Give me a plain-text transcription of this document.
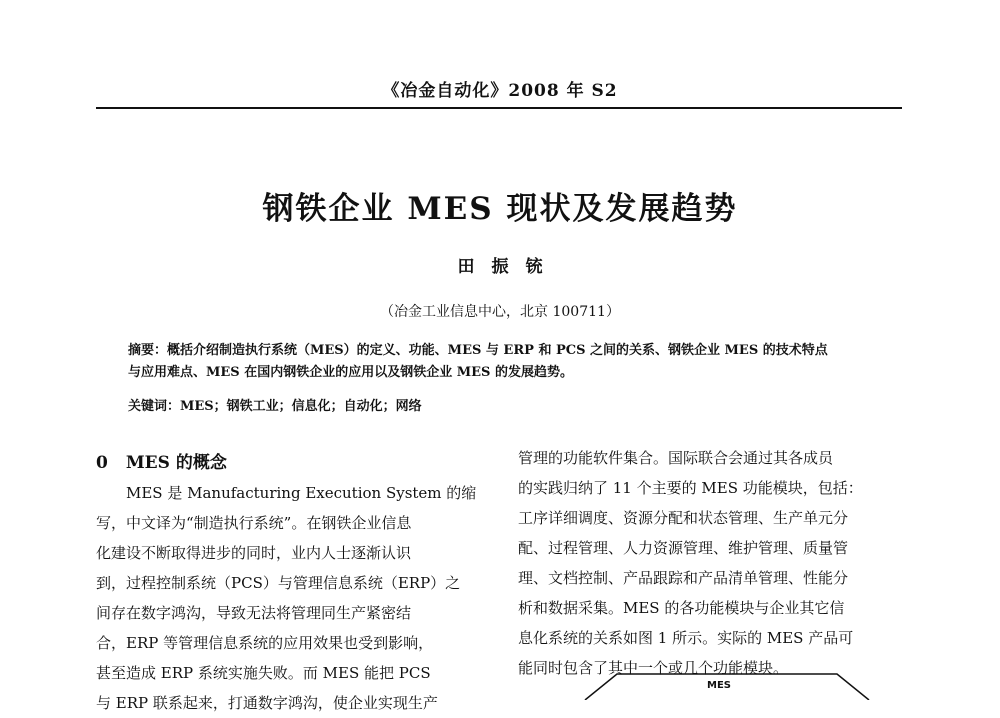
《冶金自动化》2008 年 S2
钢铁企业 MES 现状及发展趋势
田　振　铳
（冶金工业信息中心，北京 100711）

摘要：概括介绍制造执行系统（MES）的定义、功能、MES 与 ERP 和 PCS 之间的关系、钢铁企业 MES 的技术特点

与应用难点、MES 在国内钢铁企业的应用以及钢铁企业 MES 的发展趋势。

关键词：MES；钢铁工业；信息化；自动化；网络

0 MES 的概念

MES 是 Manufacturing Execution System 的缩

写，中文译为“制造执行系统”。在钢铁企业信息

化建设不断取得进步的同时，业内人士逐渐认识

到，过程控制系统（PCS）与管理信息系统（ERP）之

间存在数字鸿沟，导致无法将管理同生产紧密结

合，ERP 等管理信息系统的应用效果也受到影响，

甚至造成 ERP 系统实施失败。而 MES 能把 PCS

与 ERP 联系起来，打通数字鸿沟，使企业实现生产

管理的功能软件集合。国际联合会通过其各成员

的实践归纳了 11 个主要的 MES 功能模块，包括：

工序详细调度、资源分配和状态管理、生产单元分

配、过程管理、人力资源管理、维护管理、质量管

理、文档控制、产品跟踪和产品清单管理、性能分

析和数据采集。MES 的各功能模块与企业其它信

息化系统的关系如图 1 所示。实际的 MES 产品可

能同时包含了其中一个或几个功能模块。

MES
